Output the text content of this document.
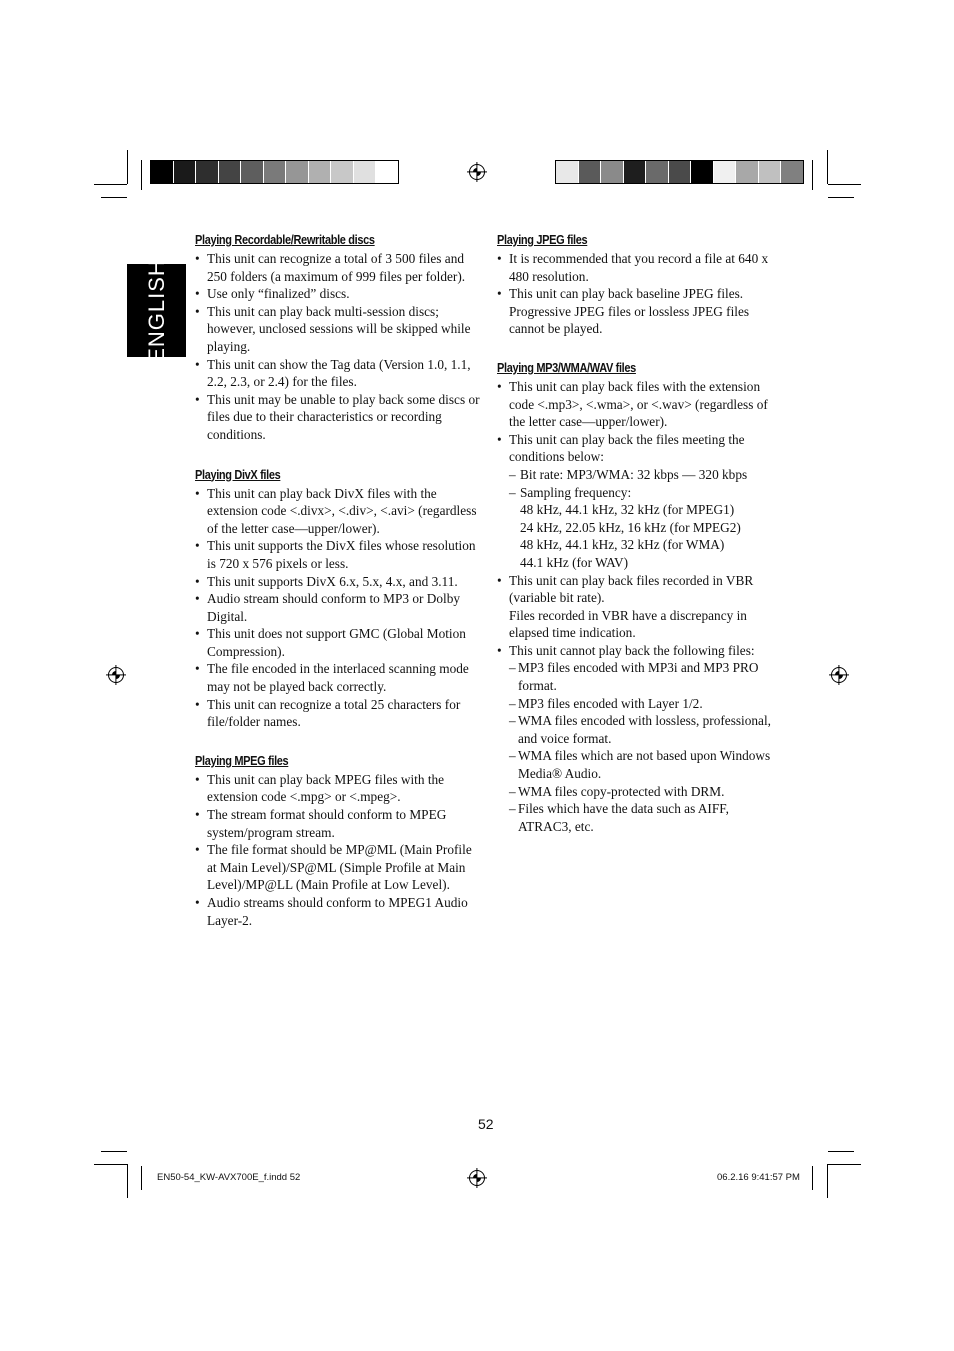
ENGLISH
Playing Recordable/Rewritable discs
• This unit can recognize a total of 3 500 files and 250 folders (a maximum of 999 files per folder).
• Use only “finalized” discs.
• This unit can play back multi-session discs; however, unclosed sessions will be skipped while playing.
• This unit can show the Tag data (Version 1.0, 1.1, 2.2, 2.3, or 2.4) for the files.
• This unit may be unable to play back some discs or files due to their characteristics or recording conditions.
Playing DivX files
• This unit can play back DivX files with the extension code <.divx>, <.div>, <.avi> (regardless of the letter case—upper/lower).
• This unit supports the DivX files whose resolution is 720 x 576 pixels or less.
• This unit supports DivX 6.x, 5.x, 4.x, and 3.11.
• Audio stream should conform to MP3 or Dolby Digital.
• This unit does not support GMC (Global Motion Compression).
• The file encoded in the interlaced scanning mode may not be played back correctly.
• This unit can recognize a total 25 characters for file/folder names.
Playing MPEG files
• This unit can play back MPEG files with the extension code <.mpg> or <.mpeg>.
• The stream format should conform to MPEG system/program stream.
• The file format should be MP@ML (Main Profile at Main Level)/SP@ML (Simple Profile at Main Level)/MP@LL (Main Profile at Low Level).
• Audio streams should conform to MPEG1 Audio Layer-2.
Playing JPEG files
• It is recommended that you record a file at 640 x 480 resolution.
• This unit can play back baseline JPEG files. Progressive JPEG files or lossless JPEG files cannot be played.
Playing MP3/WMA/WAV files
• This unit can play back files with the extension code <.mp3>, <.wma>, or <.wav> (regardless of the letter case—upper/lower).
• This unit can play back the files meeting the conditions below:
– Bit rate: MP3/WMA: 32 kbps — 320 kbps
– Sampling frequency:
48 kHz, 44.1 kHz, 32 kHz (for MPEG1)
24 kHz, 22.05 kHz, 16 kHz (for MPEG2)
48 kHz, 44.1 kHz, 32 kHz (for WMA)
44.1 kHz (for WAV)
• This unit can play back files recorded in VBR (variable bit rate).
Files recorded in VBR have a discrepancy in elapsed time indication.
• This unit cannot play back the following files:
– MP3 files encoded with MP3i and MP3 PRO format.
– MP3 files encoded with Layer 1/2.
– WMA files encoded with lossless, professional, and voice format.
– WMA files which are not based upon Windows Media® Audio.
– WMA files copy-protected with DRM.
– Files which have the data such as AIFF, ATRAC3, etc.
52
EN50-54_KW-AVX700E_f.indd 52	06.2.16 9:41:57 PM
